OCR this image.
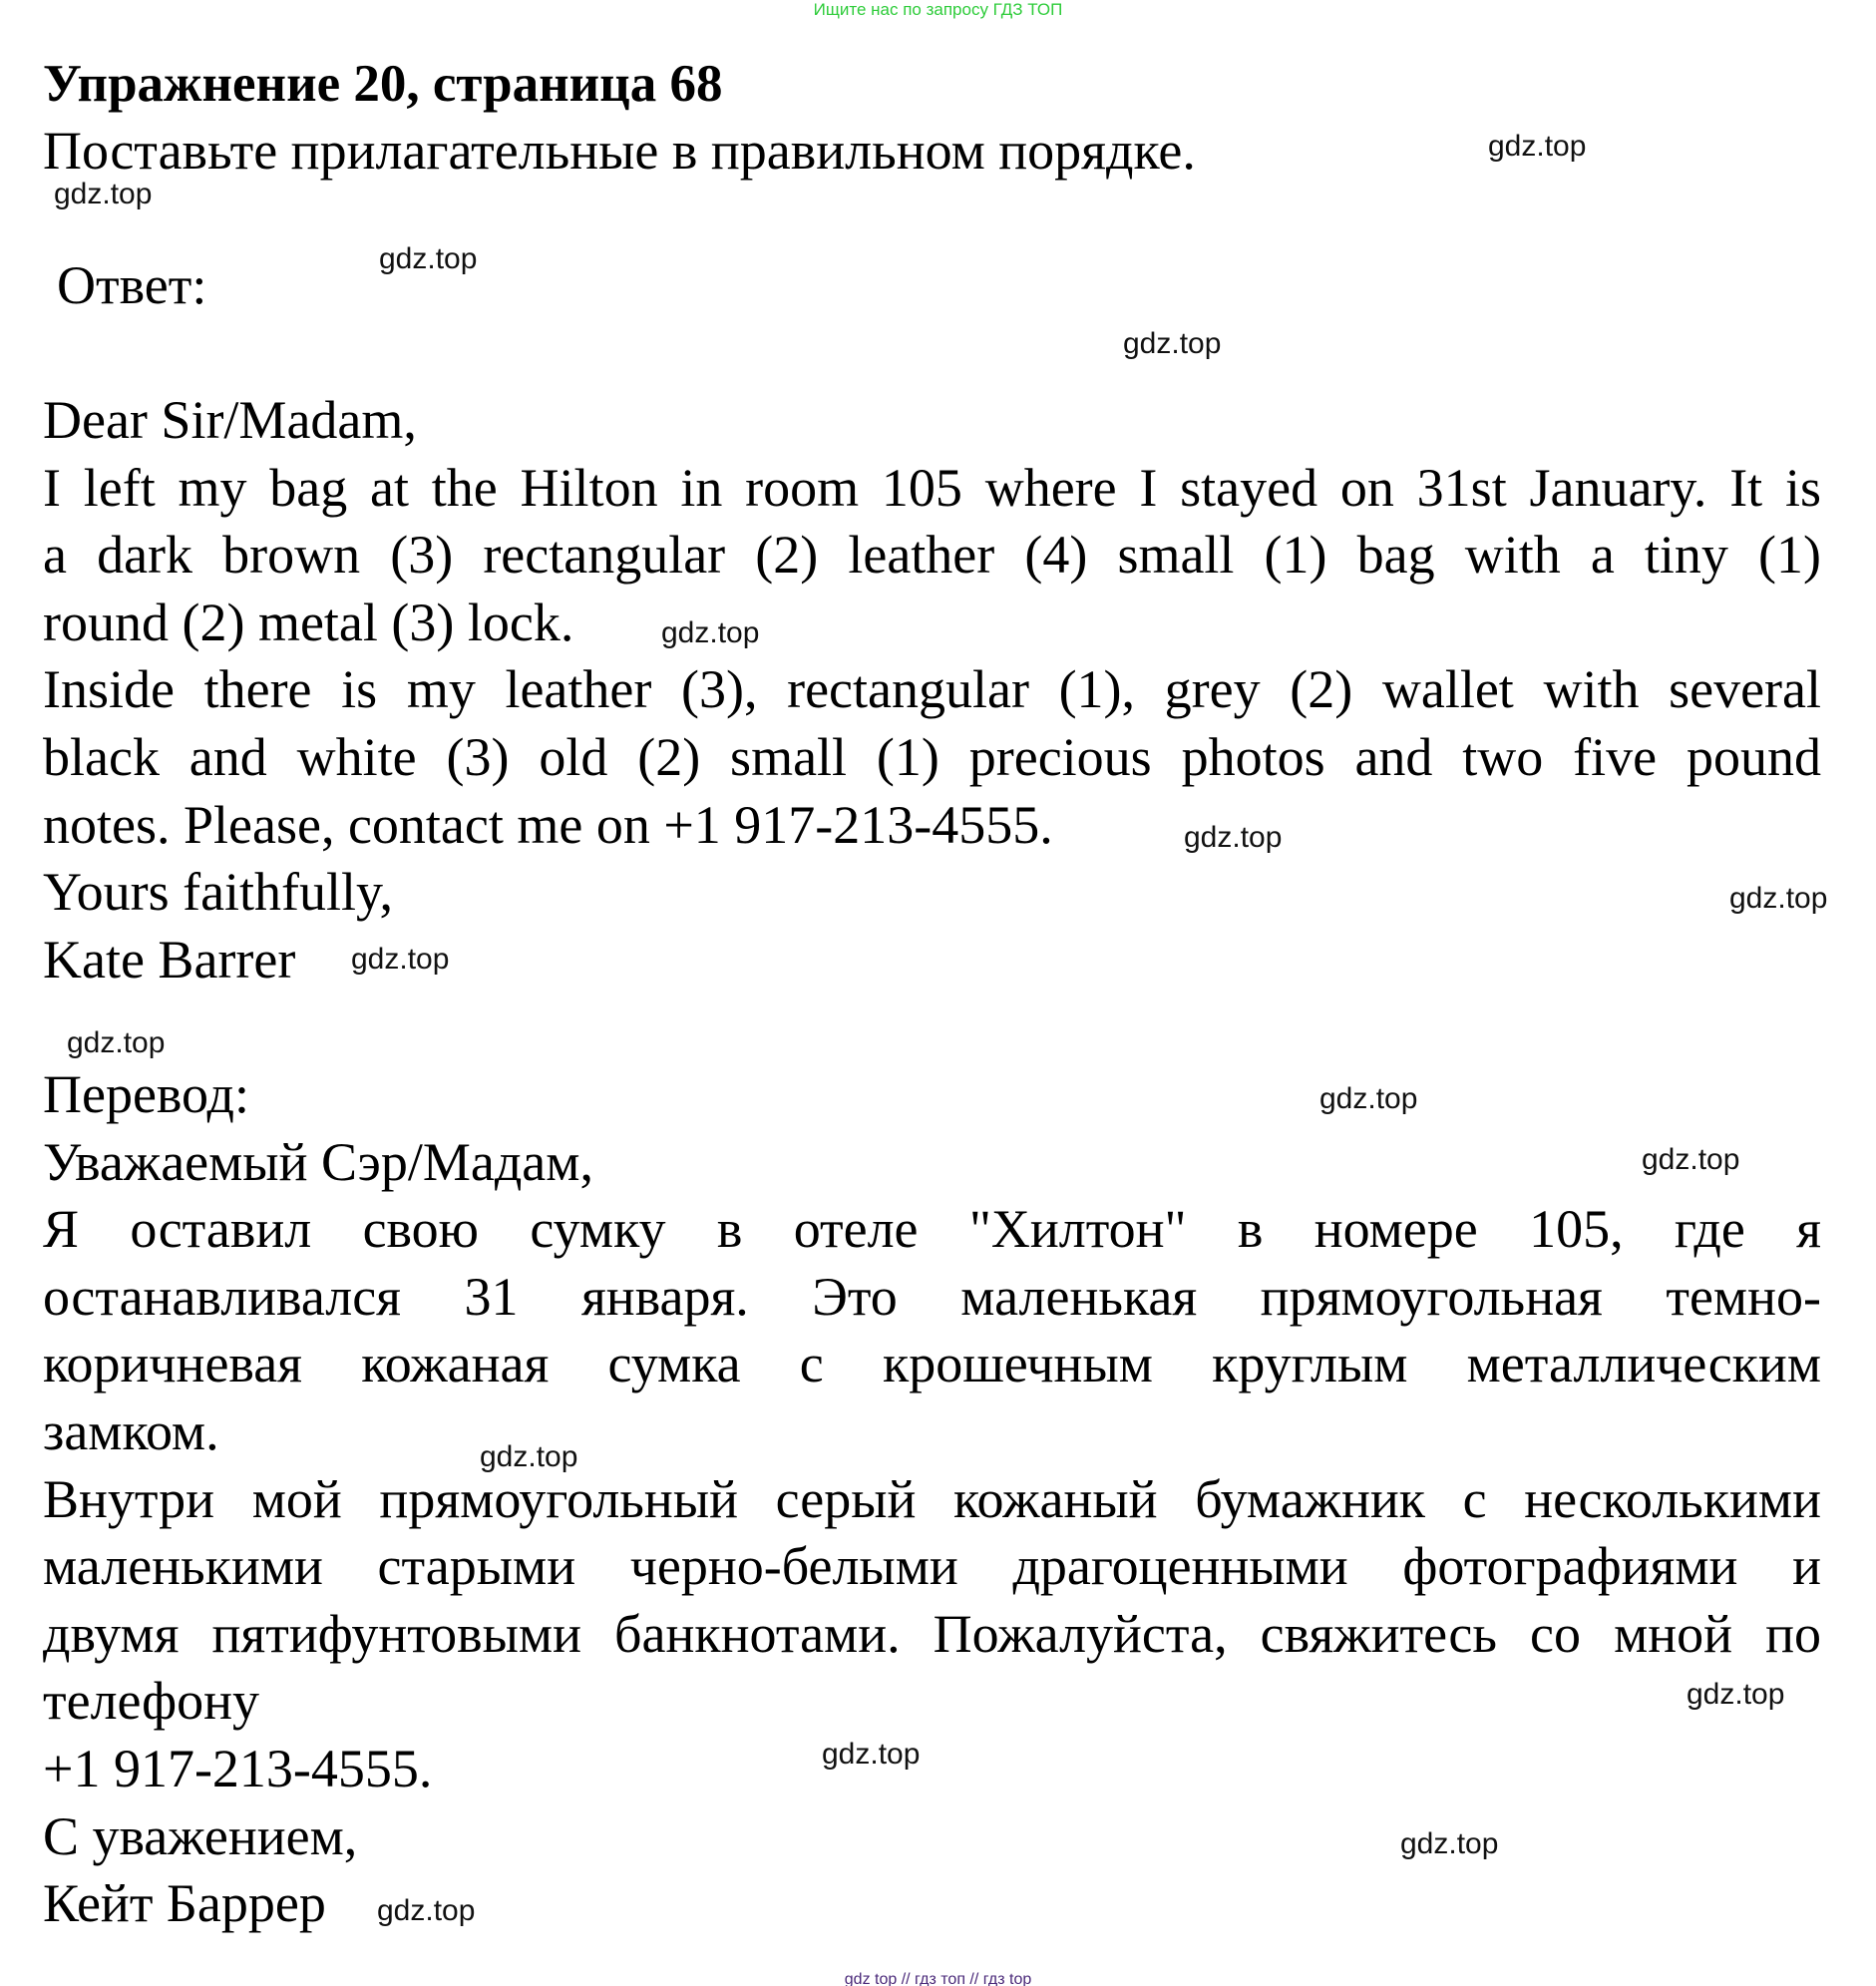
Ищите нас по запросу ГДЗ ТОП
Упражнение 20, страница 68
Поставьте прилагательные в правильном порядке.
Ответ:
Dear Sir/Madam,
I left my bag at the Hilton in room 105 where I stayed on 31st January. It is
a dark brown (3) rectangular (2) leather (4) small (1) bag with a tiny (1)
round (2) metal (3) lock.
Inside there is my leather (3), rectangular (1), grey (2) wallet with several
black and white (3) old (2) small (1) precious photos and two five pound
notes. Please, contact me on +1 917-213-4555.
Yours faithfully,
Kate Barrer
Перевод:
Уважаемый Сэр/Мадам,
Я оставил свою сумку в отеле "Хилтон" в номере 105, где я
останавливался 31 января. Это маленькая прямоугольная темно-
коричневая кожаная сумка с крошечным круглым металлическим
замком.
Внутри мой прямоугольный серый кожаный бумажник с несколькими
маленькими старыми черно-белыми драгоценными фотографиями и
двумя пятифунтовыми банкнотами. Пожалуйста, свяжитесь со мной по
телефону
+1 917-213-4555.
С уважением,
Кейт Баррер
gdz.top
gdz.top
gdz.top
gdz.top
gdz.top
gdz.top
gdz.top
gdz.top
gdz.top
gdz.top
gdz.top
gdz.top
gdz.top
gdz.top
gdz.top
gdz.top
gdz top // гдз топ // гдз top
